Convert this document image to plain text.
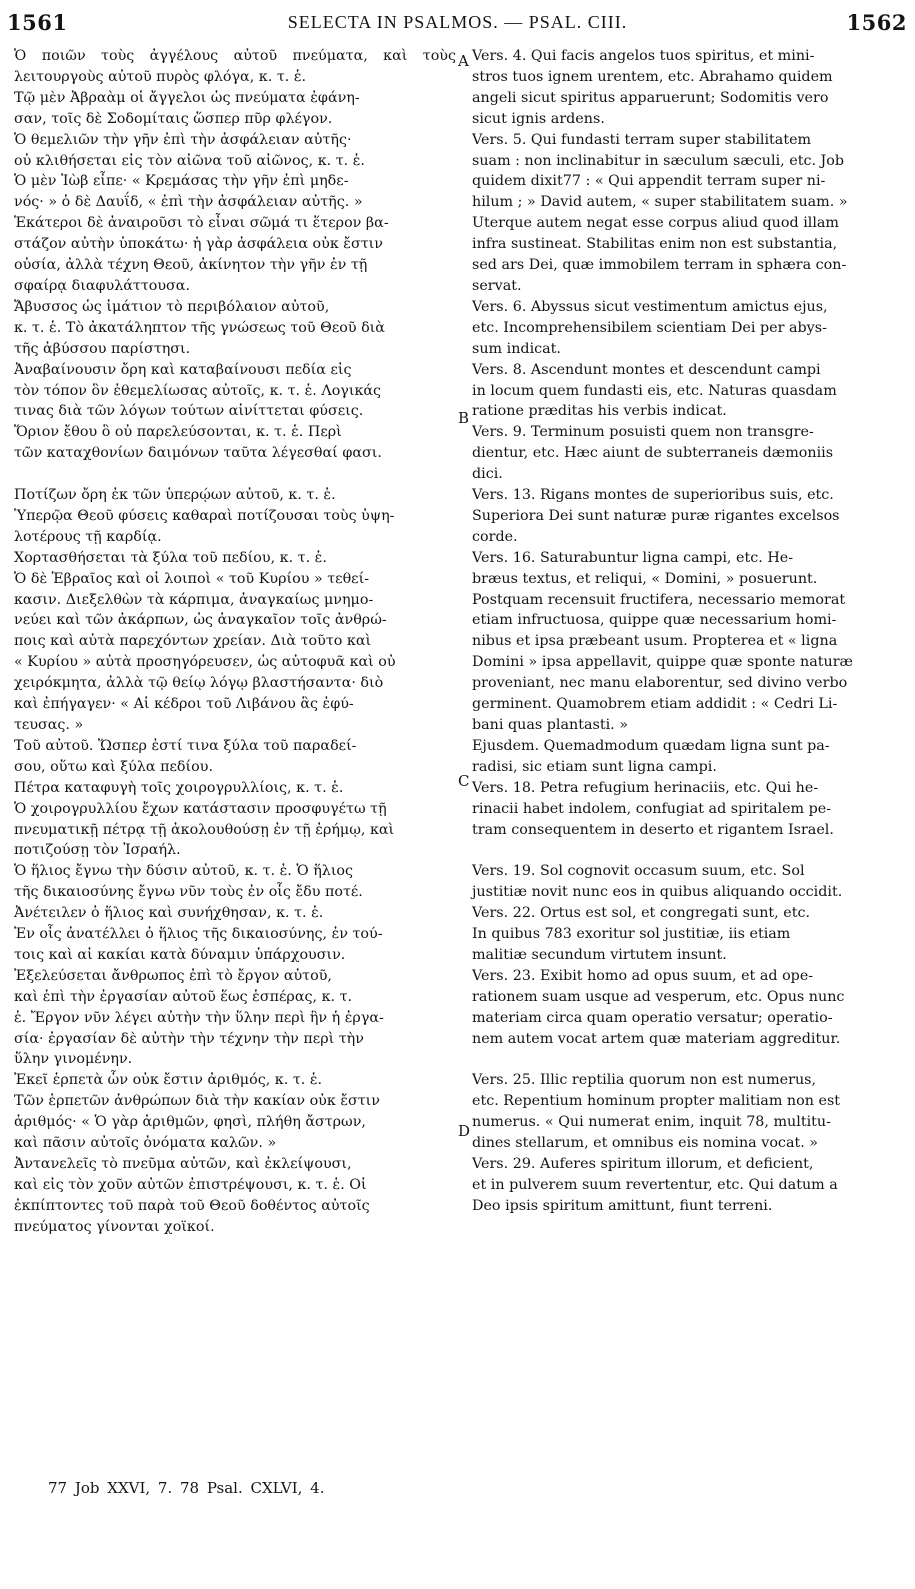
1561	SELECTA IN PSALMOS. — PSAL. CIII.	1562
Ὁ ποιῶν τοὺς ἀγγέλους αὐτοῦ πνεύματα, καὶ τοὺς λειτουργοὺς αὐτοῦ πυρὸς φλόγα, κ. τ. ἑ.
Τῷ μὲν Ἀβραὰμ οἱ ἄγγελοι ὡς πνεύματα ἐφάνη-
σαν, τοῖς δὲ Σοδομίταις ὥσπερ πῦρ φλέγον.
Ὁ θεμελιῶν τὴν γῆν ἐπὶ τὴν ἀσφάλειαν αὐτῆς·
οὐ κλιθήσεται εἰς τὸν αἰῶνα τοῦ αἰῶνος, κ. τ. ἑ.
Ὁ μὲν Ἰὼβ εἶπε· « Κρεμάσας τὴν γῆν ἐπὶ μηδε-
νός· » ὁ δὲ Δαυΐδ, « ἐπὶ τὴν ἀσφάλειαν αὐτῆς. »
Ἑκάτεροι δὲ ἀναιροῦσι τὸ εἶναι σῶμά τι ἕτερον βα-
στάζον αὐτὴν ὑποκάτω· ἡ γὰρ ἀσφάλεια οὐκ ἔστιν
οὐσία, ἀλλὰ τέχνη Θεοῦ, ἀκίνητον τὴν γῆν ἐν τῇ
σφαίρᾳ διαφυλάττουσα.
Ἄβυσσος ὡς ἱμάτιον τὸ περιβόλαιον αὐτοῦ,
κ. τ. ἑ. Τὸ ἀκατάληπτον τῆς γνώσεως τοῦ Θεοῦ διὰ
τῆς ἀβύσσου παρίστησι.
Ἀναβαίνουσιν ὄρη καὶ καταβαίνουσι πεδία εἰς
τὸν τόπον ὃν ἐθεμελίωσας αὐτοῖς, κ. τ. ἑ. Λογικάς
τινας διὰ τῶν λόγων τούτων αἰνίττεται φύσεις.
Ὅριον ἔθου ὃ οὐ παρελεύσονται, κ. τ. ἑ. Περὶ
τῶν καταχθονίων δαιμόνων ταῦτα λέγεσθαί φασι.
Ποτίζων ὄρη ἐκ τῶν ὑπερῴων αὐτοῦ, κ. τ. ἑ.
Ὑπερῷα Θεοῦ φύσεις καθαραὶ ποτίζουσαι τοὺς ὑψη-
λοτέρους τῇ καρδίᾳ.
Χορτασθήσεται τὰ ξύλα τοῦ πεδίου, κ. τ. ἑ.
Ὁ δὲ Ἑβραῖος καὶ οἱ λοιποὶ « τοῦ Κυρίου » τεθεί-
κασιν. Διεξελθὼν τὰ κάρπιμα, ἀναγκαίως μνημο-
νεύει καὶ τῶν ἀκάρπων, ὡς ἀναγκαῖον τοῖς ἀνθρώ-
ποις καὶ αὐτὰ παρεχόντων χρείαν. Διὰ τοῦτο καὶ
« Κυρίου » αὐτὰ προσηγόρευσεν, ὡς αὐτοφυᾶ καὶ οὐ
χειρόκμητα, ἀλλὰ τῷ θείῳ λόγῳ βλαστήσαντα· διὸ
καὶ ἐπήγαγεν· « Αἱ κέδροι τοῦ Λιβάνου ἃς ἐφύ-
τευσας. »
Τοῦ αὐτοῦ. Ὥσπερ ἐστί τινα ξύλα τοῦ παραδεί-
σου, οὕτω καὶ ξύλα πεδίου.
Πέτρα καταφυγὴ τοῖς χοιρογρυλλίοις, κ. τ. ἑ.
Ὁ χοιρογρυλλίου ἔχων κατάστασιν προσφυγέτω τῇ
πνευματικῇ πέτρᾳ τῇ ἀκολουθούσῃ ἐν τῇ ἐρήμῳ, καὶ
ποτιζούσῃ τὸν Ἰσραήλ.
Ὁ ἥλιος ἔγνω τὴν δύσιν αὐτοῦ, κ. τ. ἑ. Ὁ ἥλιος
τῆς δικαιοσύνης ἔγνω νῦν τοὺς ἐν οἷς ἔδυ ποτέ.
Ἀνέτειλεν ὁ ἥλιος καὶ συνήχθησαν, κ. τ. ἑ.
Ἐν οἷς ἀνατέλλει ὁ ἥλιος τῆς δικαιοσύνης, ἐν τού-
τοις καὶ αἱ κακίαι κατὰ δύναμιν ὑπάρχουσιν.
Ἐξελεύσεται ἄνθρωπος ἐπὶ τὸ ἔργον αὐτοῦ,
καὶ ἐπὶ τὴν ἐργασίαν αὐτοῦ ἕως ἑσπέρας, κ. τ.
ἑ. Ἔργον νῦν λέγει αὐτὴν τὴν ὕλην περὶ ἣν ἡ ἐργα-
σία· ἐργασίαν δὲ αὐτὴν τὴν τέχνην τὴν περὶ τὴν
ὕλην γινομένην.
Ἐκεῖ ἑρπετὰ ὧν οὐκ ἔστιν ἀριθμός, κ. τ. ἑ.
Τῶν ἑρπετῶν ἀνθρώπων διὰ τὴν κακίαν οὐκ ἔστιν
ἀριθμός· « Ὁ γὰρ ἀριθμῶν, φησὶ, πλήθη ἄστρων,
καὶ πᾶσιν αὐτοῖς ὀνόματα καλῶν. »
Ἀντανελεῖς τὸ πνεῦμα αὐτῶν, καὶ ἐκλείψουσι,
καὶ εἰς τὸν χοῦν αὐτῶν ἐπιστρέψουσι, κ. τ. ἑ. Οἱ
ἐκπίπτοντες τοῦ παρὰ τοῦ Θεοῦ δοθέντος αὐτοῖς
πνεύματος γίνονται χοϊκοί.
Vers. 4. Qui facis angelos tuos spiritus, et mini-
stros tuos ignem urentem, etc. Abrahamo quidem
angeli sicut spiritus apparuerunt; Sodomitis vero
sicut ignis ardens.
Vers. 5. Qui fundasti terram super stabilitatem
suam : non inclinabitur in sæculum sæculi, etc. Job
quidem dixit77 : « Qui appendit terram super ni-
hilum ; » David autem, « super stabilitatem suam. »
Uterque autem negat esse corpus aliud quod illam
infra sustineat. Stabilitas enim non est substantia,
sed ars Dei, quæ immobilem terram in sphæra con-
servat.
Vers. 6. Abyssus sicut vestimentum amictus ejus,
etc. Incomprehensibilem scientiam Dei per abys-
sum indicat.
Vers. 8. Ascendunt montes et descendunt campi
in locum quem fundasti eis, etc. Naturas quasdam
ratione præditas his verbis indicat.
Vers. 9. Terminum posuisti quem non transgre-
dientur, etc. Hæc aiunt de subterraneis dæmoniis
dici.
Vers. 13. Rigans montes de superioribus suis, etc.
Superiora Dei sunt naturæ puræ rigantes excelsos
corde.
Vers. 16. Saturabuntur ligna campi, etc. He-
bræus textus, et reliqui, « Domini, » posuerunt.
Postquam recensuit fructifera, necessario memorat
etiam infructuosa, quippe quæ necessarium homi-
nibus et ipsa præbeant usum. Propterea et « ligna
Domini » ipsa appellavit, quippe quæ sponte naturæ
proveniant, nec manu elaborentur, sed divino verbo
germinent. Quamobrem etiam addidit : « Cedri Li-
bani quas plantasti. »
Ejusdem. Quemadmodum quædam ligna sunt pa-
radisi, sic etiam sunt ligna campi.
Vers. 18. Petra refugium herinaciis, etc. Qui he-
rinacii habet indolem, confugiat ad spiritalem pe-
tram consequentem in deserto et rigantem Israel.
Vers. 19. Sol cognovit occasum suum, etc. Sol
justitiæ novit nunc eos in quibus aliquando occidit.
Vers. 22. Ortus est sol, et congregati sunt, etc.
In quibus 783 exoritur sol justitiæ, iis etiam
malitiæ secundum virtutem insunt.
Vers. 23. Exibit homo ad opus suum, et ad ope-
rationem suam usque ad vesperum, etc. Opus nunc
materiam circa quam operatio versatur; operatio-
nem autem vocat artem quæ materiam aggreditur.
Vers. 25. Illic reptilia quorum non est numerus,
etc. Repentium hominum propter malitiam non est
numerus. « Qui numerat enim, inquit 78, multitu-
dines stellarum, et omnibus eis nomina vocat. »
Vers. 29. Auferes spiritum illorum, et deficient,
et in pulverem suum revertentur, etc. Qui datum a
Deo ipsis spiritum amittunt, fiunt terreni.
A
B
C
D
77 Job XXVI, 7. 78 Psal. CXLVI, 4.
